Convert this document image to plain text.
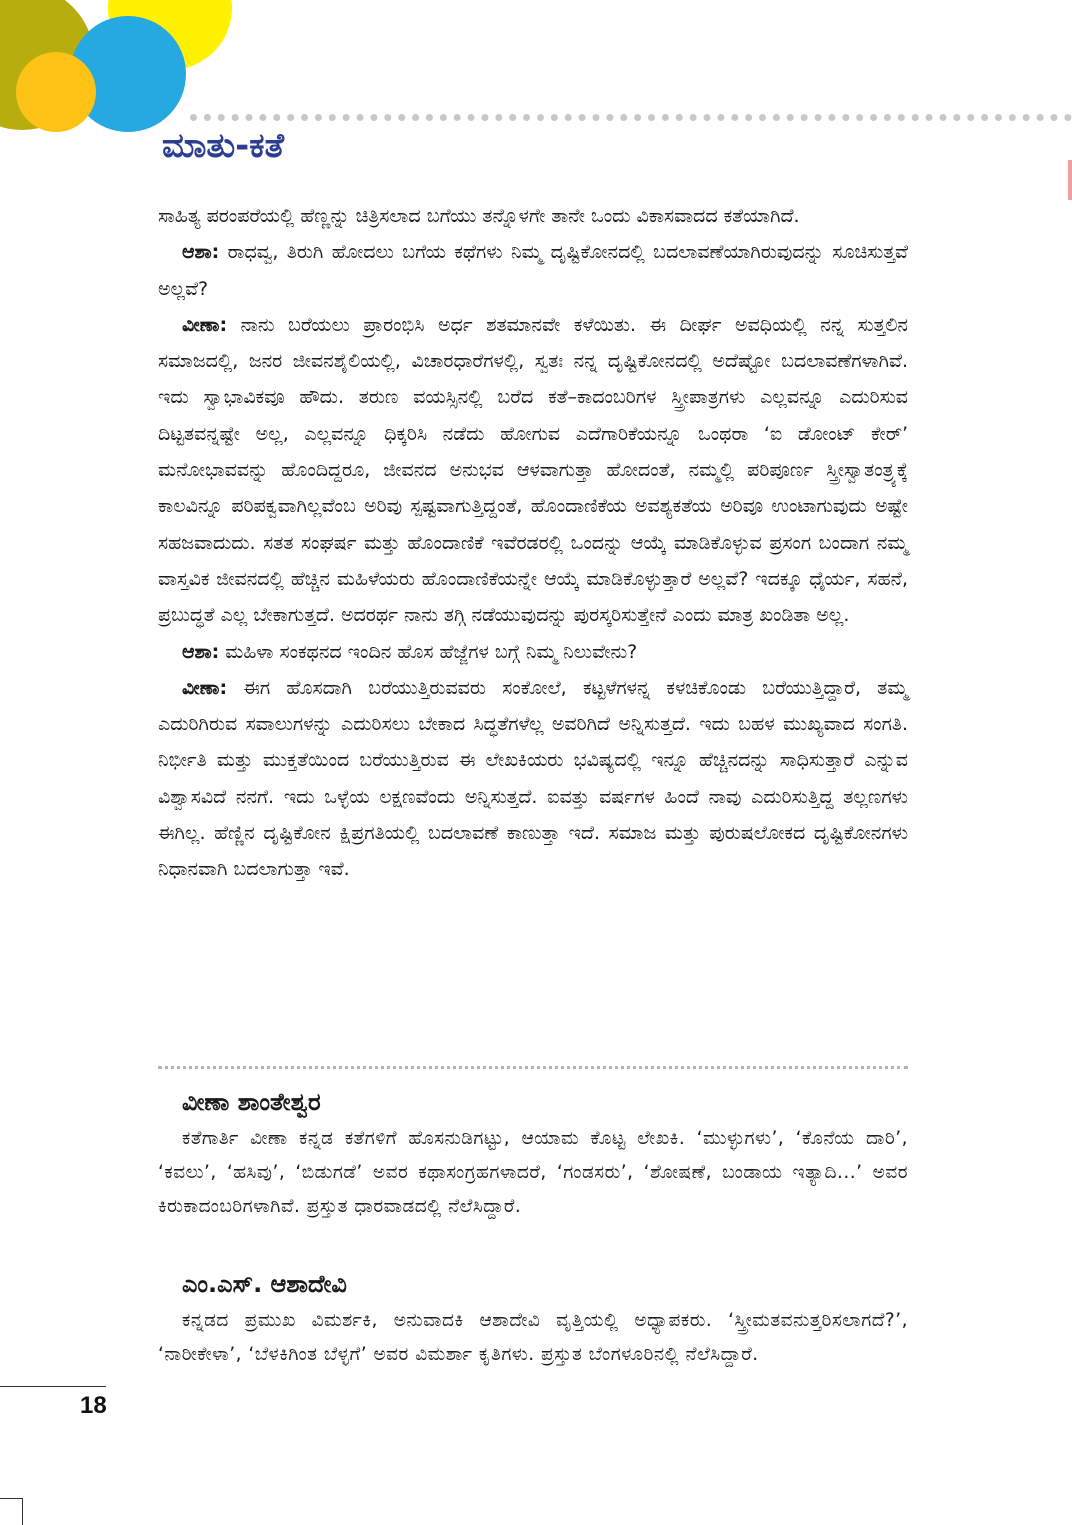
ಮಾತು-ಕತೆ

ಸಾಹಿತ್ಯ ಪರಂಪರೆಯಲ್ಲಿ ಹೆಣ್ಣನ್ನು ಚಿತ್ರಿಸಲಾದ ಬಗೆಯು ತನ್ನೊಳಗೇ ತಾನೇ ಒಂದು ವಿಕಾಸವಾದದ ಕತೆಯಾಗಿದೆ.

ಆಶಾ: ರಾಧವ್ವ, ತಿರುಗಿ ಹೋದಲು ಬಗೆಯ ಕಥೆಗಳು ನಿಮ್ಮ ದೃಷ್ಟಿಕೋನದಲ್ಲಿ ಬದಲಾವಣೆಯಾಗಿರುವುದನ್ನು ಸೂಚಿಸುತ್ತವೆ ಅಲ್ಲವೆ?

ವೀಣಾ: ನಾನು ಬರೆಯಲು ಪ್ರಾರಂಭಿಸಿ ಅರ್ಧ ಶತಮಾನವೇ ಕಳೆಯಿತು. ಈ ದೀರ್ಘ ಅವಧಿಯಲ್ಲಿ ನನ್ನ ಸುತ್ತಲಿನ ಸಮಾಜದಲ್ಲಿ, ಜನರ ಜೀವನಶೈಲಿಯಲ್ಲಿ, ವಿಚಾರಧಾರೆಗಳಲ್ಲಿ, ಸ್ವತಃ ನನ್ನ ದೃಷ್ಟಿಕೋನದಲ್ಲಿ ಅದೆಷ್ಟೋ ಬದಲಾವಣೆಗಳಾಗಿವೆ. ಇದು ಸ್ವಾಭಾವಿಕವೂ ಹೌದು. ತರುಣ ವಯಸ್ಸಿನಲ್ಲಿ ಬರೆದ ಕತೆ–ಕಾದಂಬರಿಗಳ ಸ್ತ್ರೀಪಾತ್ರಗಳು ಎಲ್ಲವನ್ನೂ ಎದುರಿಸುವ ದಿಟ್ಟತವನ್ನಷ್ಟೇ ಅಲ್ಲ, ಎಲ್ಲವನ್ನೂ ಧಿಕ್ಕರಿಸಿ ನಡೆದು ಹೋಗುವ ಎದೆಗಾರಿಕೆಯನ್ನೂ ಒಂಥರಾ ‘ಐ ಡೋಂಟ್ ಕೇರ್’ ಮನೋಭಾವವನ್ನು ಹೊಂದಿದ್ದರೂ, ಜೀವನದ ಅನುಭವ ಆಳವಾಗುತ್ತಾ ಹೋದಂತೆ, ನಮ್ಮಲ್ಲಿ ಪರಿಪೂರ್ಣ ಸ್ತ್ರೀಸ್ವಾತಂತ್ರ್ಯಕ್ಕೆ ಕಾಲವಿನ್ನೂ ಪರಿಪಕ್ವವಾಗಿಲ್ಲವೆಂಬ ಅರಿವು ಸ್ಪಷ್ಟವಾಗುತ್ತಿದ್ದಂತೆ, ಹೊಂದಾಣಿಕೆಯ ಅವಶ್ಯಕತೆಯ ಅರಿವೂ ಉಂಟಾಗುವುದು ಅಷ್ಟೇ ಸಹಜವಾದುದು. ಸತತ ಸಂಘರ್ಷ ಮತ್ತು ಹೊಂದಾಣಿಕೆ ಇವೆರಡರಲ್ಲಿ ಒಂದನ್ನು ಆಯ್ಕೆ ಮಾಡಿಕೊಳ್ಳುವ ಪ್ರಸಂಗ ಬಂದಾಗ ನಮ್ಮ ವಾಸ್ತವಿಕ ಜೀವನದಲ್ಲಿ ಹೆಚ್ಚಿನ ಮಹಿಳೆಯರು ಹೊಂದಾಣಿಕೆಯನ್ನೇ ಆಯ್ಕೆ ಮಾಡಿಕೊಳ್ಳುತ್ತಾರೆ ಅಲ್ಲವೆ? ಇದಕ್ಕೂ ಧೈರ್ಯ, ಸಹನೆ, ಪ್ರಬುದ್ಧತೆ ಎಲ್ಲ ಬೇಕಾಗುತ್ತದೆ. ಅದರರ್ಥ ನಾನು ತಗ್ಗಿ ನಡೆಯುವುದನ್ನು ಪುರಸ್ಕರಿಸುತ್ತೇನೆ ಎಂದು ಮಾತ್ರ ಖಂಡಿತಾ ಅಲ್ಲ.

ಆಶಾ: ಮಹಿಳಾ ಸಂಕಥನದ ಇಂದಿನ ಹೊಸ ಹೆಜ್ಜೆಗಳ ಬಗ್ಗೆ ನಿಮ್ಮ ನಿಲುವೇನು?

ವೀಣಾ: ಈಗ ಹೊಸದಾಗಿ ಬರೆಯುತ್ತಿರುವವರು ಸಂಕೋಲೆ, ಕಟ್ಟಳೆಗಳನ್ನ ಕಳಚಿಕೊಂಡು ಬರೆಯುತ್ತಿದ್ದಾರೆ, ತಮ್ಮ ಎದುರಿಗಿರುವ ಸವಾಲುಗಳನ್ನು ಎದುರಿಸಲು ಬೇಕಾದ ಸಿದ್ಧತೆಗಳೆಲ್ಲ ಅವರಿಗಿದೆ ಅನ್ನಿಸುತ್ತದೆ. ಇದು ಬಹಳ ಮುಖ್ಯವಾದ ಸಂಗತಿ. ನಿರ್ಭೀತಿ ಮತ್ತು ಮುಕ್ತತೆಯಿಂದ ಬರೆಯುತ್ತಿರುವ ಈ ಲೇಖಕಿಯರು ಭವಿಷ್ಯದಲ್ಲಿ ಇನ್ನೂ ಹೆಚ್ಚಿನದನ್ನು ಸಾಧಿಸುತ್ತಾರೆ ಎನ್ನುವ ವಿಶ್ವಾಸವಿದೆ ನನಗೆ. ಇದು ಒಳ್ಳೆಯ ಲಕ್ಷಣವೆಂದು ಅನ್ನಿಸುತ್ತದೆ. ಐವತ್ತು ವರ್ಷಗಳ ಹಿಂದೆ ನಾವು ಎದುರಿಸುತ್ತಿದ್ದ ತಲ್ಲಣಗಳು ಈಗಿಲ್ಲ. ಹೆಣ್ಣಿನ ದೃಷ್ಟಿಕೋನ ಕ್ಷಿಪ್ರಗತಿಯಲ್ಲಿ ಬದಲಾವಣೆ ಕಾಣುತ್ತಾ ಇದೆ. ಸಮಾಜ ಮತ್ತು ಪುರುಷಲೋಕದ ದೃಷ್ಟಿಕೋನಗಳು ನಿಧಾನವಾಗಿ ಬದಲಾಗುತ್ತಾ ಇವೆ.

ವೀಣಾ ಶಾಂತೇಶ್ವರ

ಕತೆಗಾರ್ತಿ ವೀಣಾ ಕನ್ನಡ ಕತೆಗಳಿಗೆ ಹೊಸನುಡಿಗಟ್ಟು, ಆಯಾಮ ಕೊಟ್ಟ ಲೇಖಕಿ. ‘ಮುಳ್ಳುಗಳು’, ‘ಕೊನೆಯ ದಾರಿ’, ‘ಕವಲು’, ‘ಹಸಿವು’, ‘ಬಿಡುಗಡೆ’ ಅವರ ಕಥಾಸಂಗ್ರಹಗಳಾದರೆ, ‘ಗಂಡಸರು’, ‘ಶೋಷಣೆ, ಬಂಡಾಯ ಇತ್ಯಾದಿ...’ ಅವರ ಕಿರುಕಾದಂಬರಿಗಳಾಗಿವೆ. ಪ್ರಸ್ತುತ ಧಾರವಾಡದಲ್ಲಿ ನೆಲೆಸಿದ್ದಾರೆ.

ಎಂ.ಎಸ್. ಆಶಾದೇವಿ

ಕನ್ನಡದ ಪ್ರಮುಖ ವಿಮರ್ಶಕಿ, ಅನುವಾದಕಿ ಆಶಾದೇವಿ ವೃತ್ತಿಯಲ್ಲಿ ಅಧ್ಯಾಪಕರು. ‘ಸ್ತ್ರೀಮತವನುತ್ತರಿಸಲಾಗದೆ?’, ‘ನಾರೀಕೇಳಾ’, ‘ಬೆಳಕಿಗಿಂತ ಬೆಳ್ಳಗೆ’ ಅವರ ವಿಮರ್ಶಾ ಕೃತಿಗಳು. ಪ್ರಸ್ತುತ ಬೆಂಗಳೂರಿನಲ್ಲಿ ನೆಲೆಸಿದ್ದಾರೆ.

18
